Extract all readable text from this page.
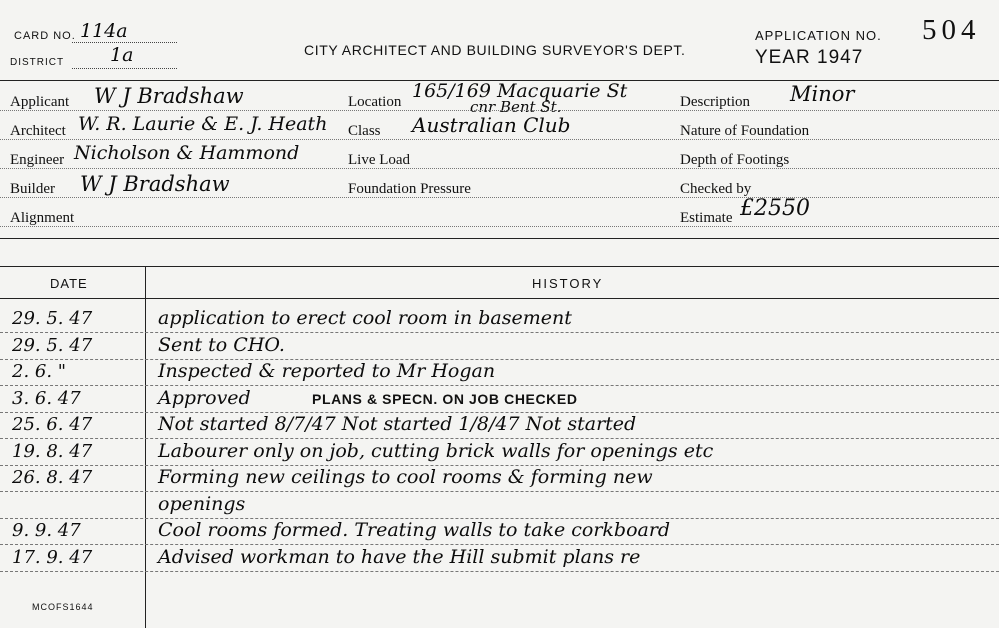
CARD NO. 114a
DISTRICT 1a	CITY ARCHITECT AND BUILDING SURVEYOR'S DEPT.
APPLICATION NO. 504
YEAR 1947
Applicant W J Bradshaw
Architect W. R. Laurie & E. J. Heath
Engineer Nicholson & Hammond
Builder W J Bradshaw
Alignment
Location 165/169 Macquarie St
cnr Bent St.
Class Australian Club
Live Load
Foundation Pressure
Description Minor
Nature of Foundation
Depth of Footings
Checked by
Estimate £2550
DATE	HISTORY
29. 5. 47	application to erect cool room in basement
29. 5. 47	Sent to CHO.
2. 6. "	Inspected & reported to Mr Hogan
3. 6. 47	Approved	PLANS & SPECN. ON JOB CHECKED
25. 6. 47	Not started 8/7/47 Not started 1/8/47 Not started
19. 8. 47	Labourer only on job, cutting brick walls for openings etc
26. 8. 47	Forming new ceilings to cool rooms & forming new
openings
9. 9. 47	Cool rooms formed. Treating walls to take corkboard
17. 9. 47	Advised workman to have the Hill submit plans re
MCOFS1644
